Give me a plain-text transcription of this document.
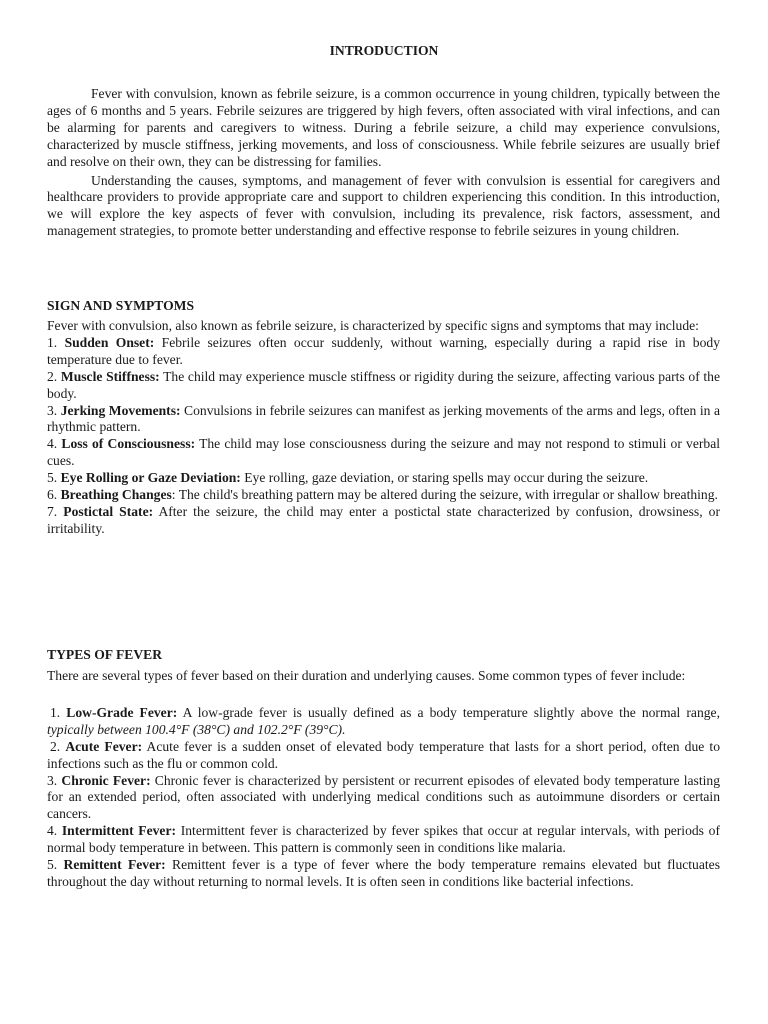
INTRODUCTION

Fever with convulsion, known as febrile seizure, is a common occurrence in young children, typically between the ages of 6 months and 5 years. Febrile seizures are triggered by high fevers, often associated with viral infections, and can be alarming for parents and caregivers to witness. During a febrile seizure, a child may experience convulsions, characterized by muscle stiffness, jerking movements, and loss of consciousness. While febrile seizures are usually brief and resolve on their own, they can be distressing for families.

Understanding the causes, symptoms, and management of fever with convulsion is essential for caregivers and healthcare providers to provide appropriate care and support to children experiencing this condition. In this introduction, we will explore the key aspects of fever with convulsion, including its prevalence, risk factors, assessment, and management strategies, to promote better understanding and effective response to febrile seizures in young children.

SIGN AND SYMPTOMS

Fever with convulsion, also known as febrile seizure, is characterized by specific signs and symptoms that may include:

1. Sudden Onset: Febrile seizures often occur suddenly, without warning, especially during a rapid rise in body temperature due to fever.

2. Muscle Stiffness: The child may experience muscle stiffness or rigidity during the seizure, affecting various parts of the body.

3. Jerking Movements: Convulsions in febrile seizures can manifest as jerking movements of the arms and legs, often in a rhythmic pattern.

4. Loss of Consciousness: The child may lose consciousness during the seizure and may not respond to stimuli or verbal cues.

5. Eye Rolling or Gaze Deviation: Eye rolling, gaze deviation, or staring spells may occur during the seizure.

6. Breathing Changes: The child's breathing pattern may be altered during the seizure, with irregular or shallow breathing.

7. Postictal State: After the seizure, the child may enter a postictal state characterized by confusion, drowsiness, or irritability.

TYPES OF FEVER

There are several types of fever based on their duration and underlying causes. Some common types of fever include:

1. Low-Grade Fever: A low-grade fever is usually defined as a body temperature slightly above the normal range, typically between 100.4°F (38°C) and 102.2°F (39°C).

2. Acute Fever: Acute fever is a sudden onset of elevated body temperature that lasts for a short period, often due to infections such as the flu or common cold.

3. Chronic Fever: Chronic fever is characterized by persistent or recurrent episodes of elevated body temperature lasting for an extended period, often associated with underlying medical conditions such as autoimmune disorders or certain cancers.

4. Intermittent Fever: Intermittent fever is characterized by fever spikes that occur at regular intervals, with periods of normal body temperature in between. This pattern is commonly seen in conditions like malaria.

5. Remittent Fever: Remittent fever is a type of fever where the body temperature remains elevated but fluctuates throughout the day without returning to normal levels. It is often seen in conditions like bacterial infections.
